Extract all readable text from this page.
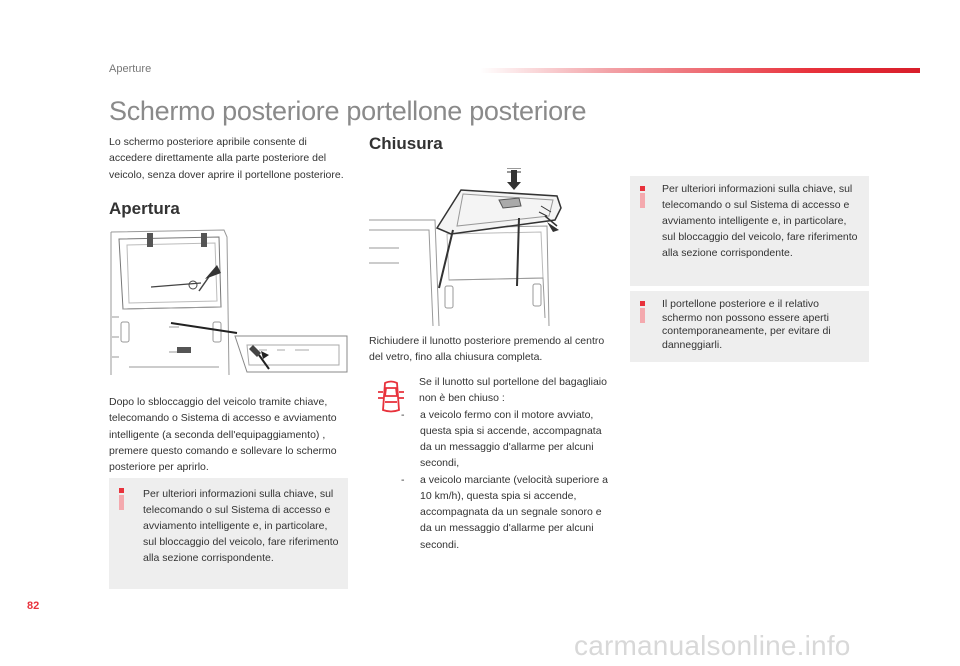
Aperture
Schermo posteriore portellone posteriore
Lo schermo posteriore apribile consente di accedere direttamente alla parte posteriore del veicolo, senza dover aprire il portellone posteriore.
Apertura
Dopo lo sbloccaggio del veicolo tramite chiave, telecomando o Sistema di accesso e avviamento intelligente (a seconda dell'equipaggiamento) , premere questo comando e sollevare lo schermo posteriore per aprirlo.
Per ulteriori informazioni sulla chiave, sul telecomando o sul Sistema di accesso e avviamento intelligente e, in particolare, sul bloccaggio del veicolo, fare riferimento alla sezione corrispondente.
Chiusura
Richiudere il lunotto posteriore premendo al centro del vetro, fino alla chiusura completa.
Se il lunotto sul portellone del bagagliaio non è ben chiuso :
-	a veicolo fermo con il motore avviato, questa spia si accende, accompagnata da un messaggio d'allarme per alcuni secondi,
-	a veicolo marciante (velocità superiore a 10 km/h), questa spia si accende, accompagnata da un segnale sonoro e da un messaggio d'allarme per alcuni secondi.
Per ulteriori informazioni sulla chiave, sul telecomando o sul Sistema di accesso e avviamento intelligente e, in particolare, sul bloccaggio del veicolo, fare riferimento alla sezione corrispondente.
Il portellone posteriore e il relativo schermo non possono essere aperti contemporaneamente, per evitare di danneggiarli.
82
carmanualsonline.info
